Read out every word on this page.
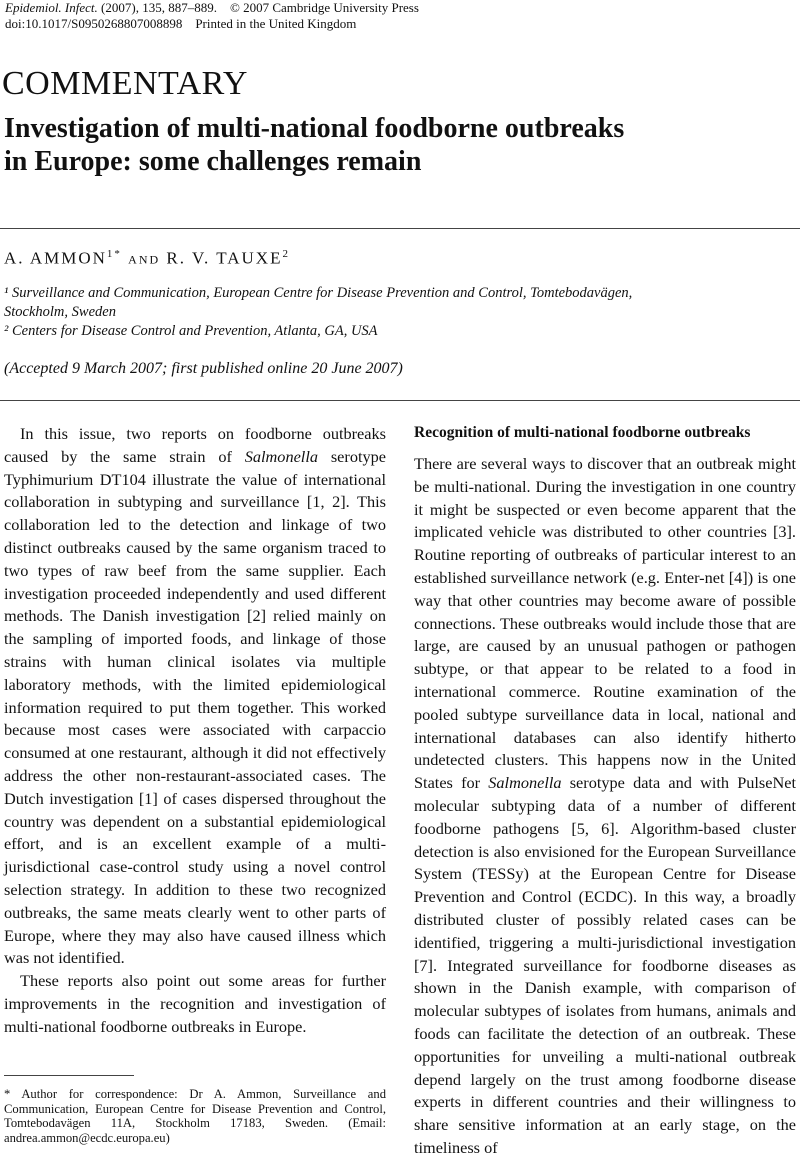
Epidemiol. Infect. (2007), 135, 887–889. © 2007 Cambridge University Press
doi:10.1017/S0950268807008898 Printed in the United Kingdom
COMMENTARY
Investigation of multi-national foodborne outbreaks
in Europe: some challenges remain
A. $AMMON^{1*}$ AND R. V. TAUXE$^2$
¹ Surveillance and Communication, European Centre for Disease Prevention and Control, Tomtebodavägen,
Stockholm, Sweden
² Centers for Disease Control and Prevention, Atlanta, GA, USA
(Accepted 9 March 2007; first published online 20 June 2007)

In this issue, two reports on foodborne outbreaks caused by the same strain of Salmonella serotype Typhimurium DT104 illustrate the value of international collaboration in subtyping and surveillance [1, 2]. This collaboration led to the detection and linkage of two distinct outbreaks caused by the same organism traced to two types of raw beef from the same supplier. Each investigation proceeded independently and used different methods. The Danish investigation [2] relied mainly on the sampling of imported foods, and linkage of those strains with human clinical isolates via multiple laboratory methods, with the limited epidemiological information required to put them together. This worked because most cases were associated with carpaccio consumed at one restaurant, although it did not effectively address the other non-restaurant-associated cases. The Dutch investigation [1] of cases dispersed throughout the country was dependent on a substantial epidemiological effort, and is an excellent example of a multi-jurisdictional case-control study using a novel control selection strategy. In addition to these two recognized outbreaks, the same meats clearly went to other parts of Europe, where they may also have caused illness which was not identified.

These reports also point out some areas for further improvements in the recognition and investigation of multi-national foodborne outbreaks in Europe.

* Author for correspondence: Dr A. Ammon, Surveillance and Communication, European Centre for Disease Prevention and Control, Tomtebodavägen 11A, Stockholm 17183, Sweden. (Email: andrea.ammon@ecdc.europa.eu)
Recognition of multi-national foodborne outbreaks

There are several ways to discover that an outbreak might be multi-national. During the investigation in one country it might be suspected or even become apparent that the implicated vehicle was distributed to other countries [3]. Routine reporting of outbreaks of particular interest to an established surveillance network (e.g. Enter-net [4]) is one way that other countries may become aware of possible connections. These outbreaks would include those that are large, are caused by an unusual pathogen or pathogen subtype, or that appear to be related to a food in international commerce. Routine examination of the pooled subtype surveillance data in local, national and international databases can also identify hitherto undetected clusters. This happens now in the United States for Salmonella serotype data and with PulseNet molecular subtyping data of a number of different foodborne pathogens [5, 6]. Algorithm-based cluster detection is also envisioned for the European Surveillance System (TESSy) at the European Centre for Disease Prevention and Control (ECDC). In this way, a broadly distributed cluster of possibly related cases can be identified, triggering a multi-jurisdictional investigation [7]. Integrated surveillance for foodborne diseases as shown in the Danish example, with comparison of molecular subtypes of isolates from humans, animals and foods can facilitate the detection of an outbreak. These opportunities for unveiling a multi-national outbreak depend largely on the trust among foodborne disease experts in different countries and their willingness to share sensitive information at an early stage, on the timeliness of
